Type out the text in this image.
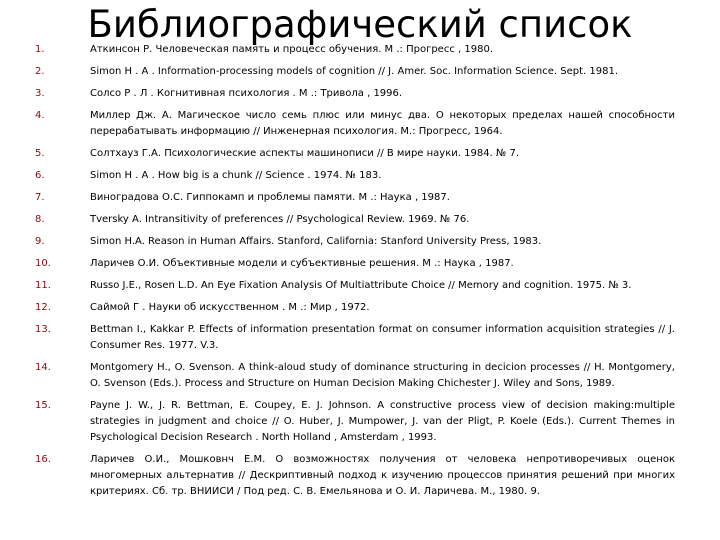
Библиографический список
1.	Аткинсон Р. Человеческая память и процесс обучения. М .: Прогресс , 1980.
2.	Simon H . A . Information-processing models of cognition // J. Amer. Soc. Information Science. Sept. 1981.
3.	Солсо Р . Л . Когнитивная психология . М .: Тривола , 1996.
4.	Миллер Дж. А. Магическое число семь плюс или минус два. О некоторых пределах нашей способности перерабатывать информацию // Инженерная психология. М.: Прогресс, 1964.
5.	Солтхауз Г.А. Психологические аспекты машинописи // В мире науки. 1984. № 7.
6.	Simon H . A . How big is a chunk // Science . 1974. № 183.
7.	Виноградова О.С. Гиппокамп и проблемы памяти. М .: Наука , 1987.
8.	Tversky A. Intransitivity of preferences // Psychological Review. 1969. № 76.
9.	Simon H.A. Reason in Human Affairs. Stanford, California: Stanford University Press, 1983.
10.	Ларичев О.И. Объективные модели и субъективные решения. М .: Наука , 1987.
11.	Russo J.E., Rosen L.D. An Eye Fixation Analysis Of Multiattribute Choice // Memory and cognition. 1975. № 3.
12.	Саймой Г . Науки об искусственном . М .: Мир , 1972.
13.	Bettman I., Kakkar P. Effects of information presentation format on consumer information acquisition strategies // J. Consumer Res. 1977. V.3.
14.	Montgomery H., O. Svenson. A think-aloud study of dominance structuring in decicion processes // H. Montgomery, O. Svenson (Eds.). Process and Structure on Human Decision Making Chichester J. Wiley and Sons, 1989.
15.	Payne J. W., J. R. Bettman, E. Coupey, E. J. Johnson. A constructive process view of decision making:multiple strategies in judgment and choice // O. Huber, J. Mumpower, J. van der Pligt, P. Koele (Eds.). Current Themes in Psychological Decision Research . North Holland , Amsterdam , 1993.
16.	Ларичев О.И., Мошковнч Е.М. О возможностях получения от человека непротиворечивых оценок многомерных альтернатив // Дескриптивный подход к изучению процессов принятия решений при многих критериях. Сб. тр. ВНИИСИ / Под ред. С. В. Емельянова и О. И. Ларичева. М., 1980. 9.
